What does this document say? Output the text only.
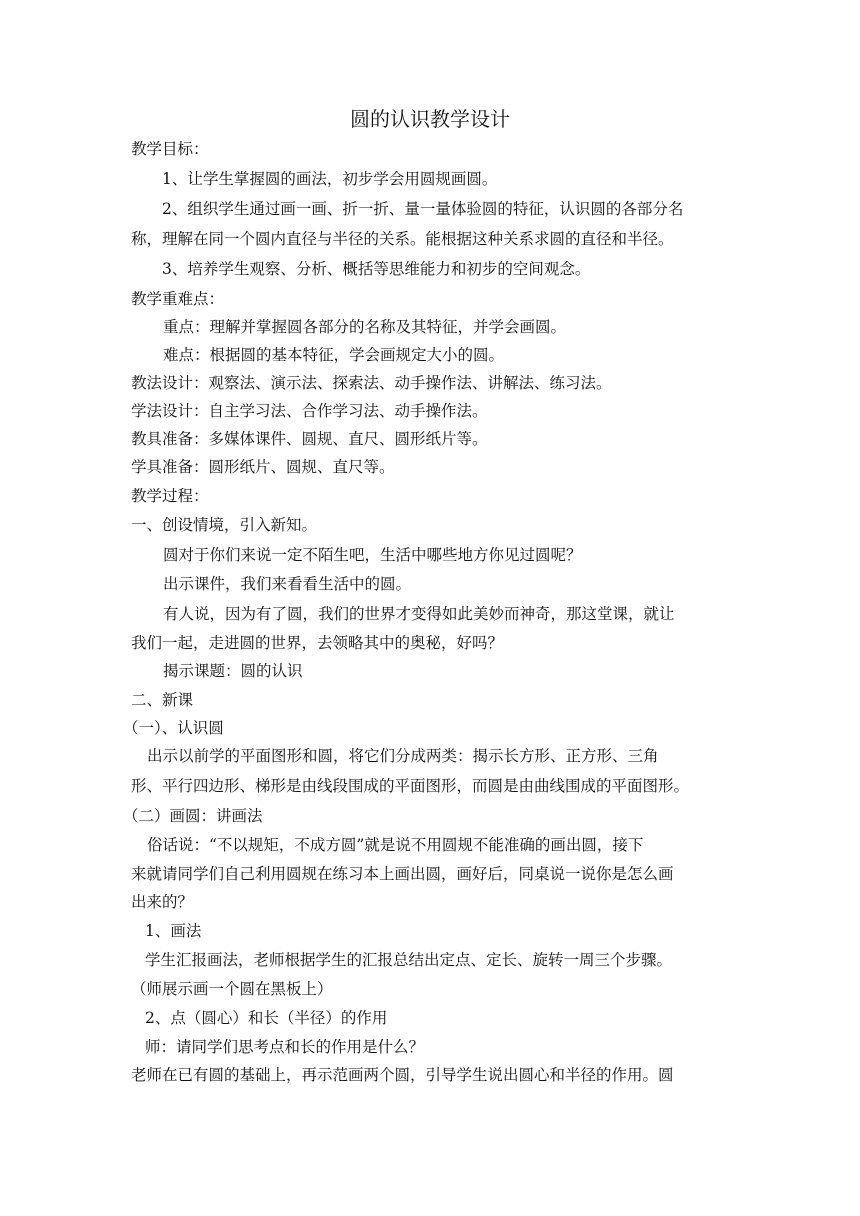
圆的认识教学设计
教学目标：
1、让学生掌握圆的画法，初步学会用圆规画圆。
2、组织学生通过画一画、折一折、量一量体验圆的特征，认识圆的各部分名
称，理解在同一个圆内直径与半径的关系。能根据这种关系求圆的直径和半径。
3、培养学生观察、分析、概括等思维能力和初步的空间观念。
教学重难点：
重点：理解并掌握圆各部分的名称及其特征，并学会画圆。
难点：根据圆的基本特征，学会画规定大小的圆。
教法设计：观察法、演示法、探索法、动手操作法、讲解法、练习法。
学法设计：自主学习法、合作学习法、动手操作法。
教具准备：多媒体课件、圆规、直尺、圆形纸片等。
学具准备：圆形纸片、圆规、直尺等。
教学过程：
一、创设情境，引入新知。
圆对于你们来说一定不陌生吧，生活中哪些地方你见过圆呢？
出示课件，我们来看看生活中的圆。
有人说，因为有了圆，我们的世界才变得如此美妙而神奇，那这堂课，就让
我们一起，走进圆的世界，去领略其中的奥秘，好吗？
揭示课题：圆的认识
二、新课
（一）、认识圆
出示以前学的平面图形和圆，将它们分成两类：揭示长方形、正方形、三角
形、平行四边形、梯形是由线段围成的平面图形，而圆是由曲线围成的平面图形。
（二）画圆：讲画法
俗话说：“不以规矩，不成方圆”就是说不用圆规不能准确的画出圆，接下
来就请同学们自己利用圆规在练习本上画出圆，画好后，同桌说一说你是怎么画
出来的？
1、画法
学生汇报画法，老师根据学生的汇报总结出定点、定长、旋转一周三个步骤。
（师展示画一个圆在黑板上）
2、点（圆心）和长（半径）的作用
师：请同学们思考点和长的作用是什么？
老师在已有圆的基础上，再示范画两个圆，引导学生说出圆心和半径的作用。圆
